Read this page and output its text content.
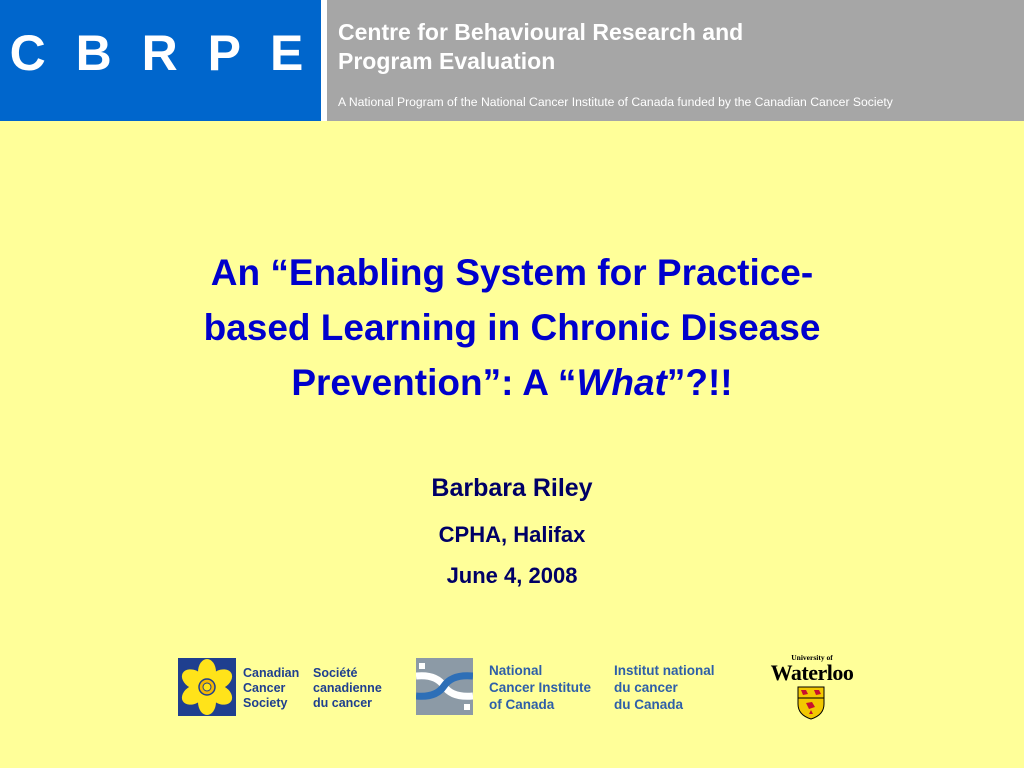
C B R P E	Centre for Behavioural Research and
Program Evaluation
A National Program of the National Cancer Institute of Canada funded by the Canadian Cancer Society
An “Enabling System for Practice-
based Learning in Chronic Disease
Prevention”: A “What”?!!
Barbara Riley
CPHA, Halifax
June 4, 2008
Canadian
Cancer
Society
Société
canadienne
du cancer
National
Cancer Institute
of Canada
Institut national
du cancer
du Canada
University of
Waterloo
